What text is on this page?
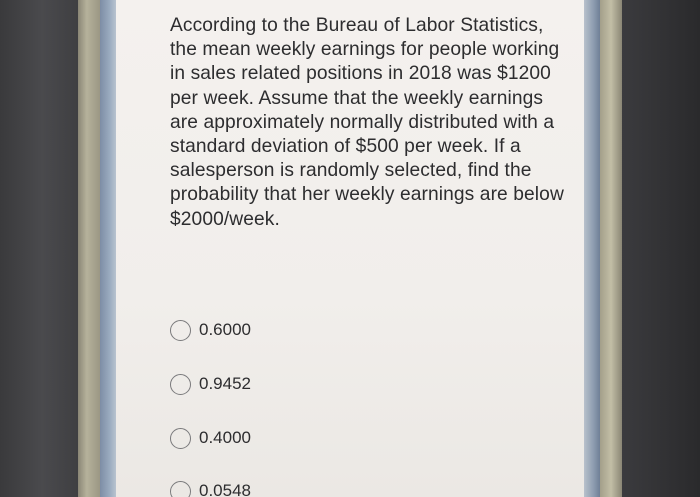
According to the Bureau of Labor Statistics, the mean weekly earnings for people working in sales related positions in 2018 was $1200 per week. Assume that the weekly earnings are approximately normally distributed with a standard deviation of $500 per week. If a salesperson is randomly selected, find the probability that her weekly earnings are below $2000/week.

0.6000
0.9452
0.4000
0.0548
